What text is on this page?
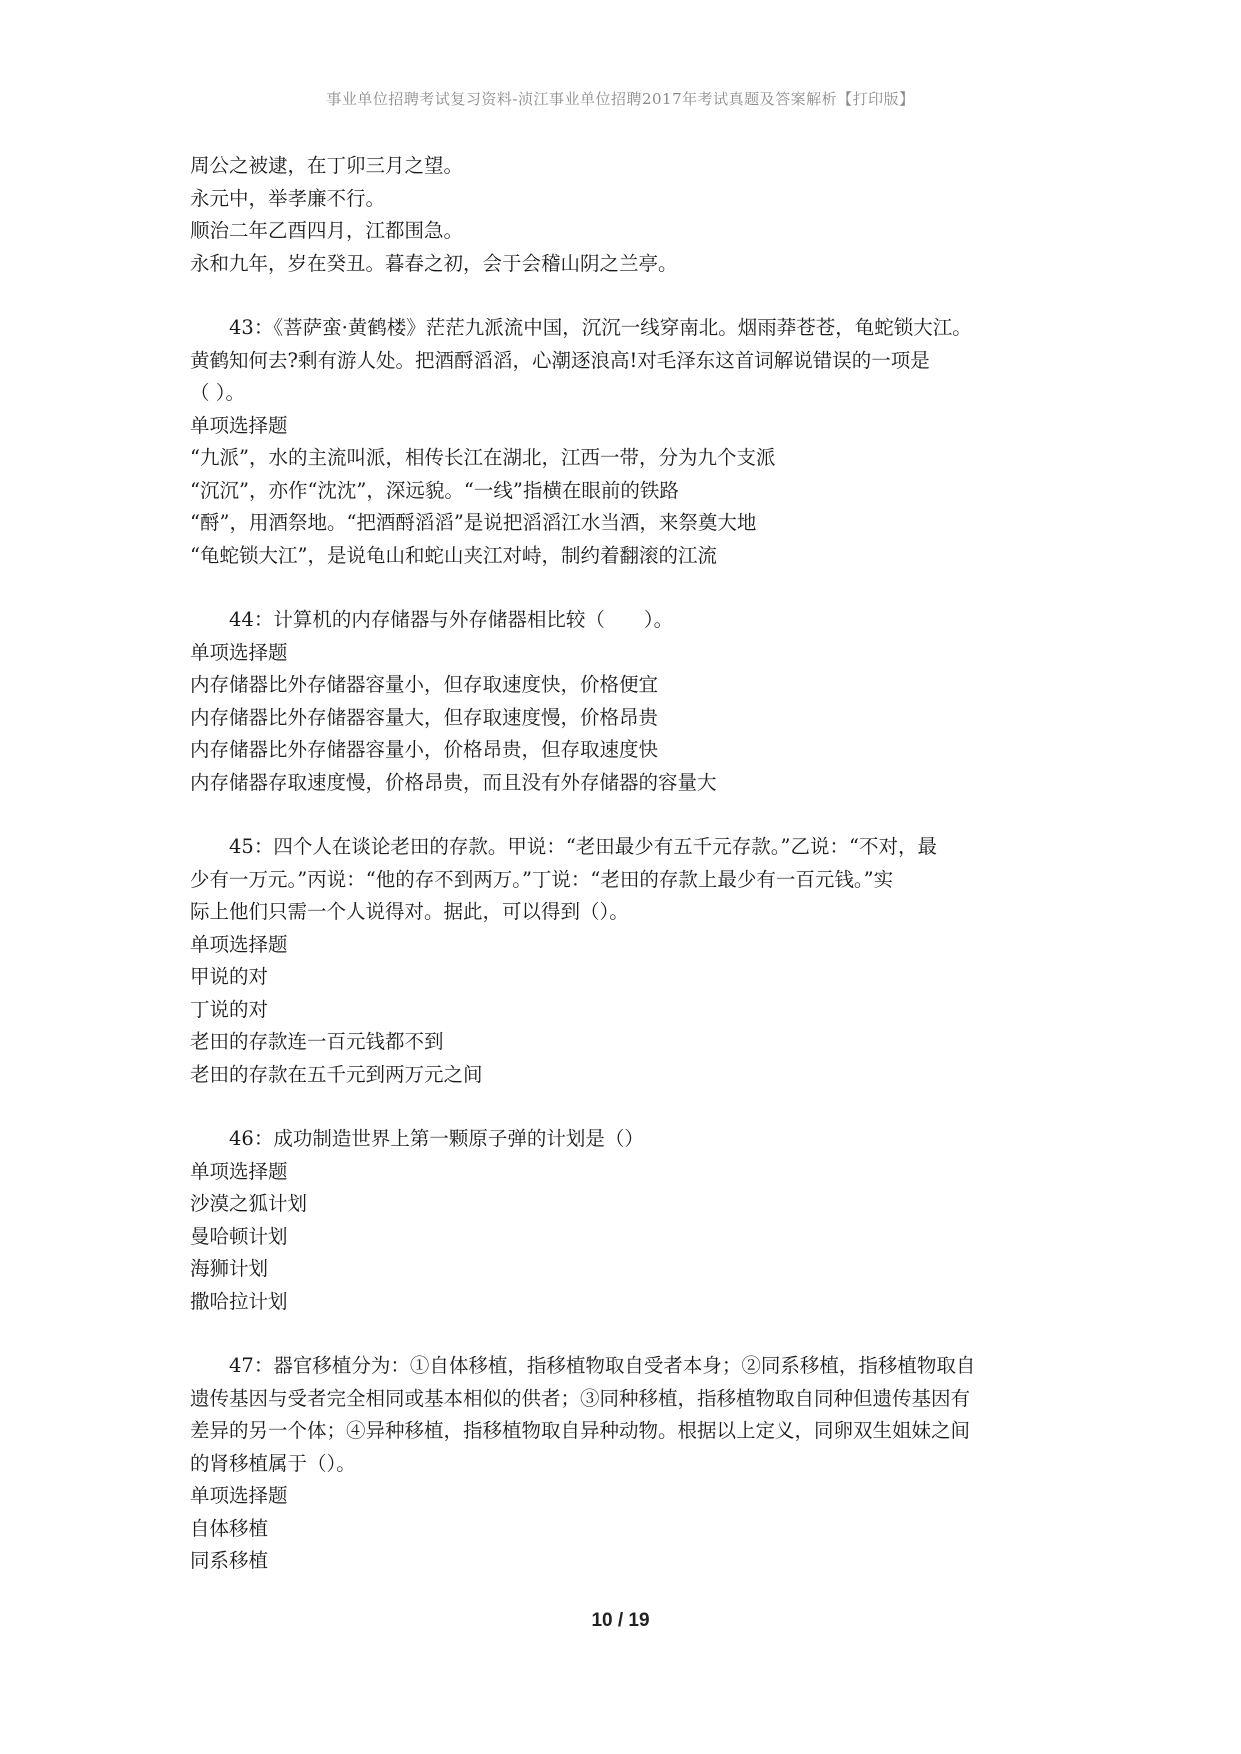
事业单位招聘考试复习资料-浈江事业单位招聘2017年考试真题及答案解析【打印版】
周公之被逮，在丁卯三月之望。
永元中，举孝廉不行。
顺治二年乙酉四月，江都围急。
永和九年，岁在癸丑。暮春之初，会于会稽山阴之兰亭。
43：《菩萨蛮·黄鹤楼》茫茫九派流中国，沉沉一线穿南北。烟雨莽苍苍，龟蛇锁大江。
黄鹤知何去?剩有游人处。把酒酹滔滔，心潮逐浪高!对毛泽东这首词解说错误的一项是
（ ）。
单项选择题
“九派”，水的主流叫派，相传长江在湖北，江西一带，分为九个支派
“沉沉”，亦作“沈沈”，深远貌。“一线”指横在眼前的铁路
“酹”，用酒祭地。“把酒酹滔滔”是说把滔滔江水当酒，来祭奠大地
“龟蛇锁大江”，是说龟山和蛇山夹江对峙，制约着翻滚的江流
44：计算机的内存储器与外存储器相比较（　　）。
单项选择题
内存储器比外存储器容量小，但存取速度快，价格便宜
内存储器比外存储器容量大，但存取速度慢，价格昂贵
内存储器比外存储器容量小，价格昂贵，但存取速度快
内存储器存取速度慢，价格昂贵，而且没有外存储器的容量大
45：四个人在谈论老田的存款。甲说：“老田最少有五千元存款。”乙说：“不对，最
少有一万元。”丙说：“他的存不到两万。”丁说：“老田的存款上最少有一百元钱。”实
际上他们只需一个人说得对。据此，可以得到（）。
单项选择题
甲说的对
丁说的对
老田的存款连一百元钱都不到
老田的存款在五千元到两万元之间
46：成功制造世界上第一颗原子弹的计划是（）
单项选择题
沙漠之狐计划
曼哈顿计划
海狮计划
撒哈拉计划
47：器官移植分为：①自体移植，指移植物取自受者本身；②同系移植，指移植物取自
遗传基因与受者完全相同或基本相似的供者；③同种移植，指移植物取自同种但遗传基因有
差异的另一个体；④异种移植，指移植物取自异种动物。根据以上定义，同卵双生姐妹之间
的肾移植属于（）。
单项选择题
自体移植
同系移植
10 / 19
